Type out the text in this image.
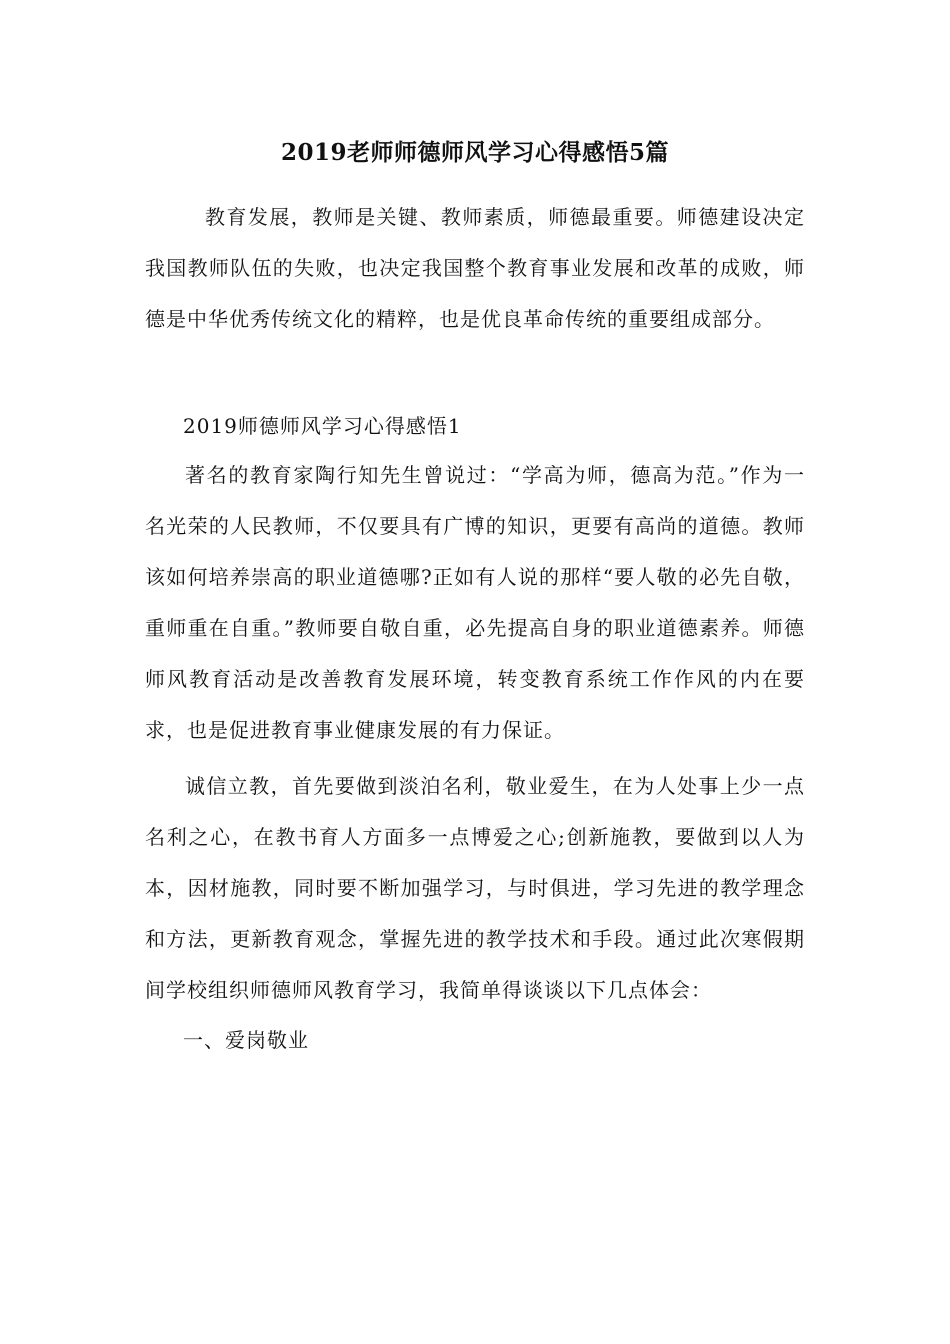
2019老师师德师风学习心得感悟5篇

教育发展，教师是关键、教师素质，师德最重要。师德建设决定我国教师队伍的失败，也决定我国整个教育事业发展和改革的成败，师德是中华优秀传统文化的精粹，也是优良革命传统的重要组成部分。

2019师德师风学习心得感悟1

著名的教育家陶行知先生曾说过：“学高为师，德高为范。”作为一名光荣的人民教师，不仅要具有广博的知识，更要有高尚的道德。教师该如何培养崇高的职业道德哪?正如有人说的那样“要人敬的必先自敬，重师重在自重。”教师要自敬自重，必先提高自身的职业道德素养。师德师风教育活动是改善教育发展环境，转变教育系统工作作风的内在要求，也是促进教育事业健康发展的有力保证。

诚信立教，首先要做到淡泊名利，敬业爱生，在为人处事上少一点名利之心，在教书育人方面多一点博爱之心;创新施教，要做到以人为本，因材施教，同时要不断加强学习，与时俱进，学习先进的教学理念和方法，更新教育观念，掌握先进的教学技术和手段。通过此次寒假期间学校组织师德师风教育学习，我简单得谈谈以下几点体会：

一、爱岗敬业
